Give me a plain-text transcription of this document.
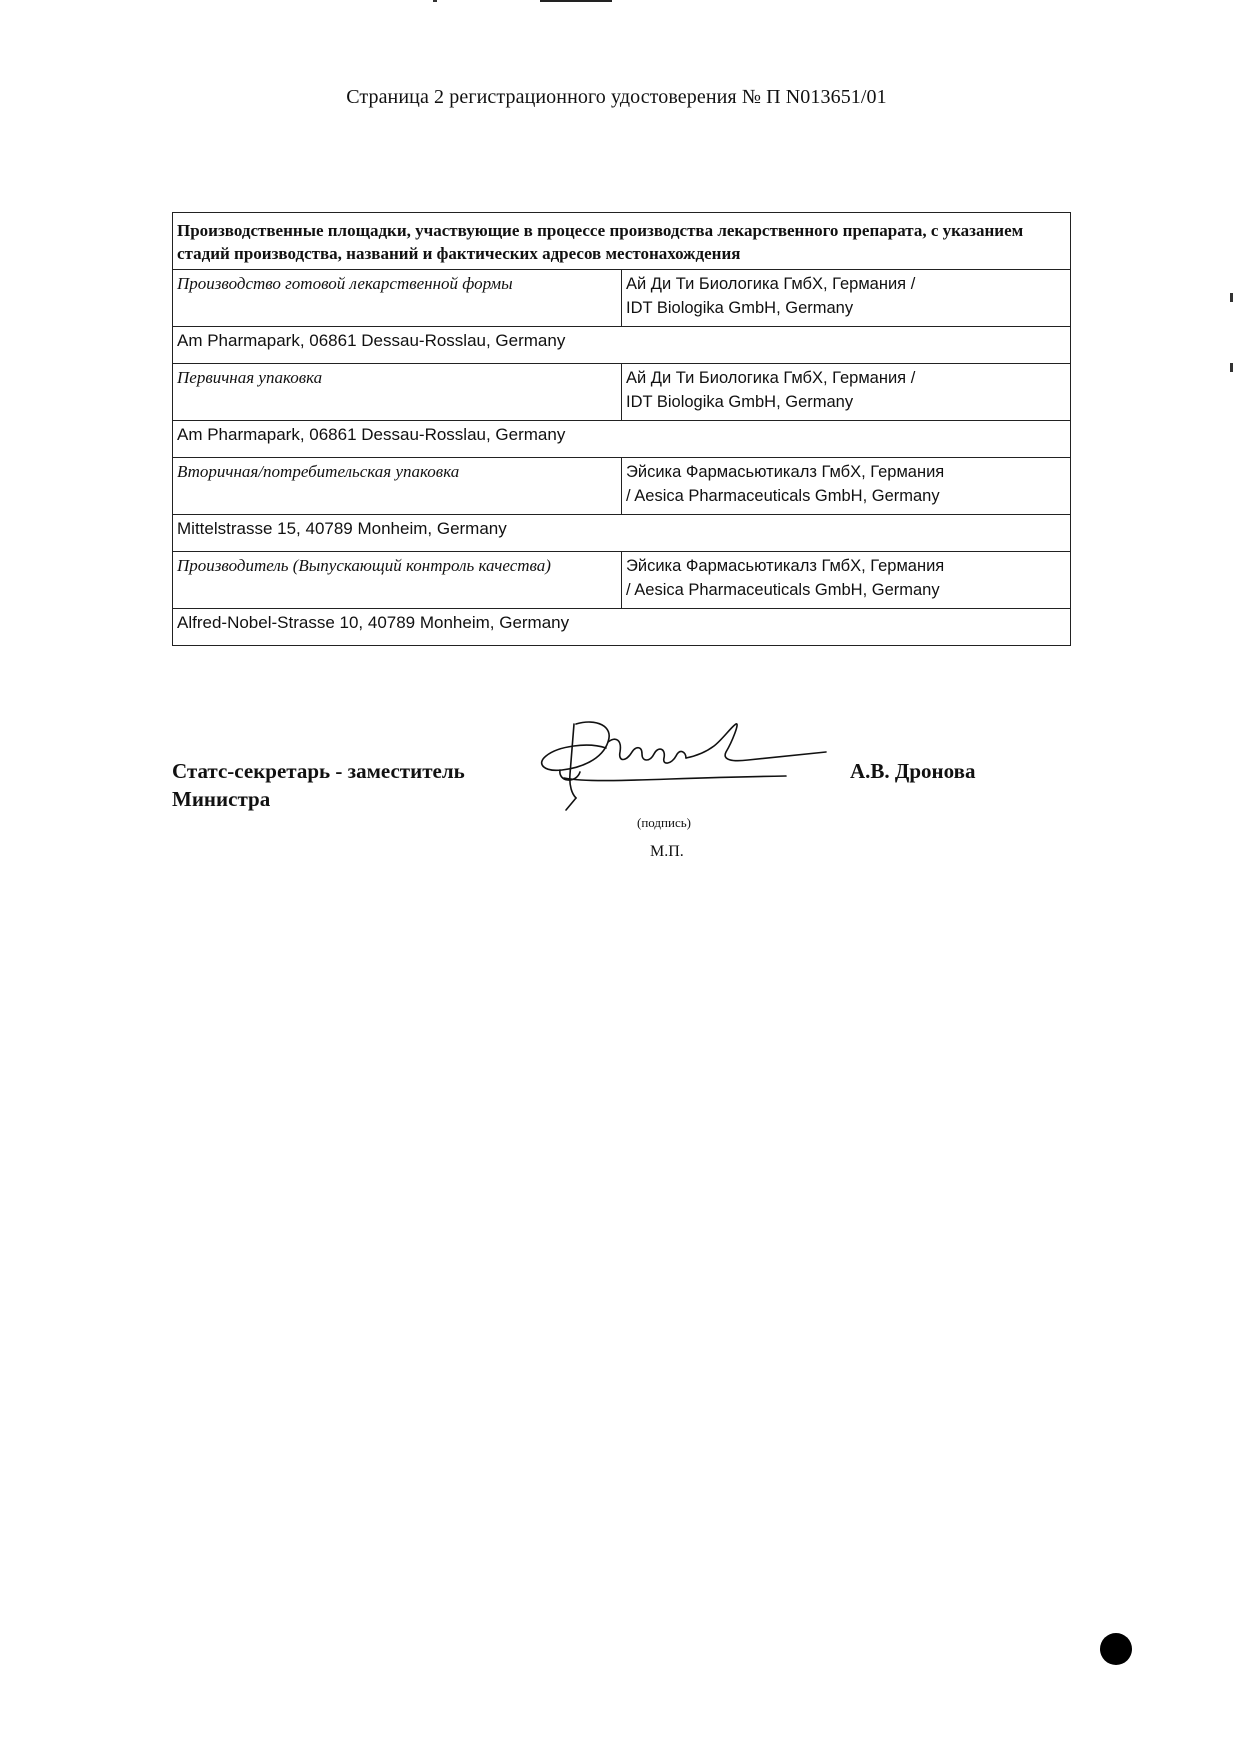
Страница 2 регистрационного удостоверения № П N013651/01
Производственные площадки, участвующие в процессе производства лекарственного препарата, с указанием стадий производства, названий и фактических адресов местонахождения	
Производство готовой лекарственной формы	Ай Ди Ти Биологика ГмбХ, Германия /
IDT Biologika GmbH, Germany

Am Pharmapark, 06861 Dessau-Rosslau, Germany	
Первичная упаковка	Ай Ди Ти Биологика ГмбХ, Германия /
IDT Biologika GmbH, Germany

Am Pharmapark, 06861 Dessau-Rosslau, Germany	
Вторичная/потребительская упаковка	Эйсика Фармасьютикалз ГмбХ, Германия
/ Aesica Pharmaceuticals GmbH, Germany

Mittelstrasse 15, 40789 Monheim, Germany	
Производитель (Выпускающий контроль качества)	Эйсика Фармасьютикалз ГмбХ, Германия
/ Aesica Pharmaceuticals GmbH, Germany

Alfred-Nobel-Strasse 10, 40789 Monheim, Germany	
Статс-секретарь - заместитель
Министра
А.В. Дронова
(подпись)
М.П.
